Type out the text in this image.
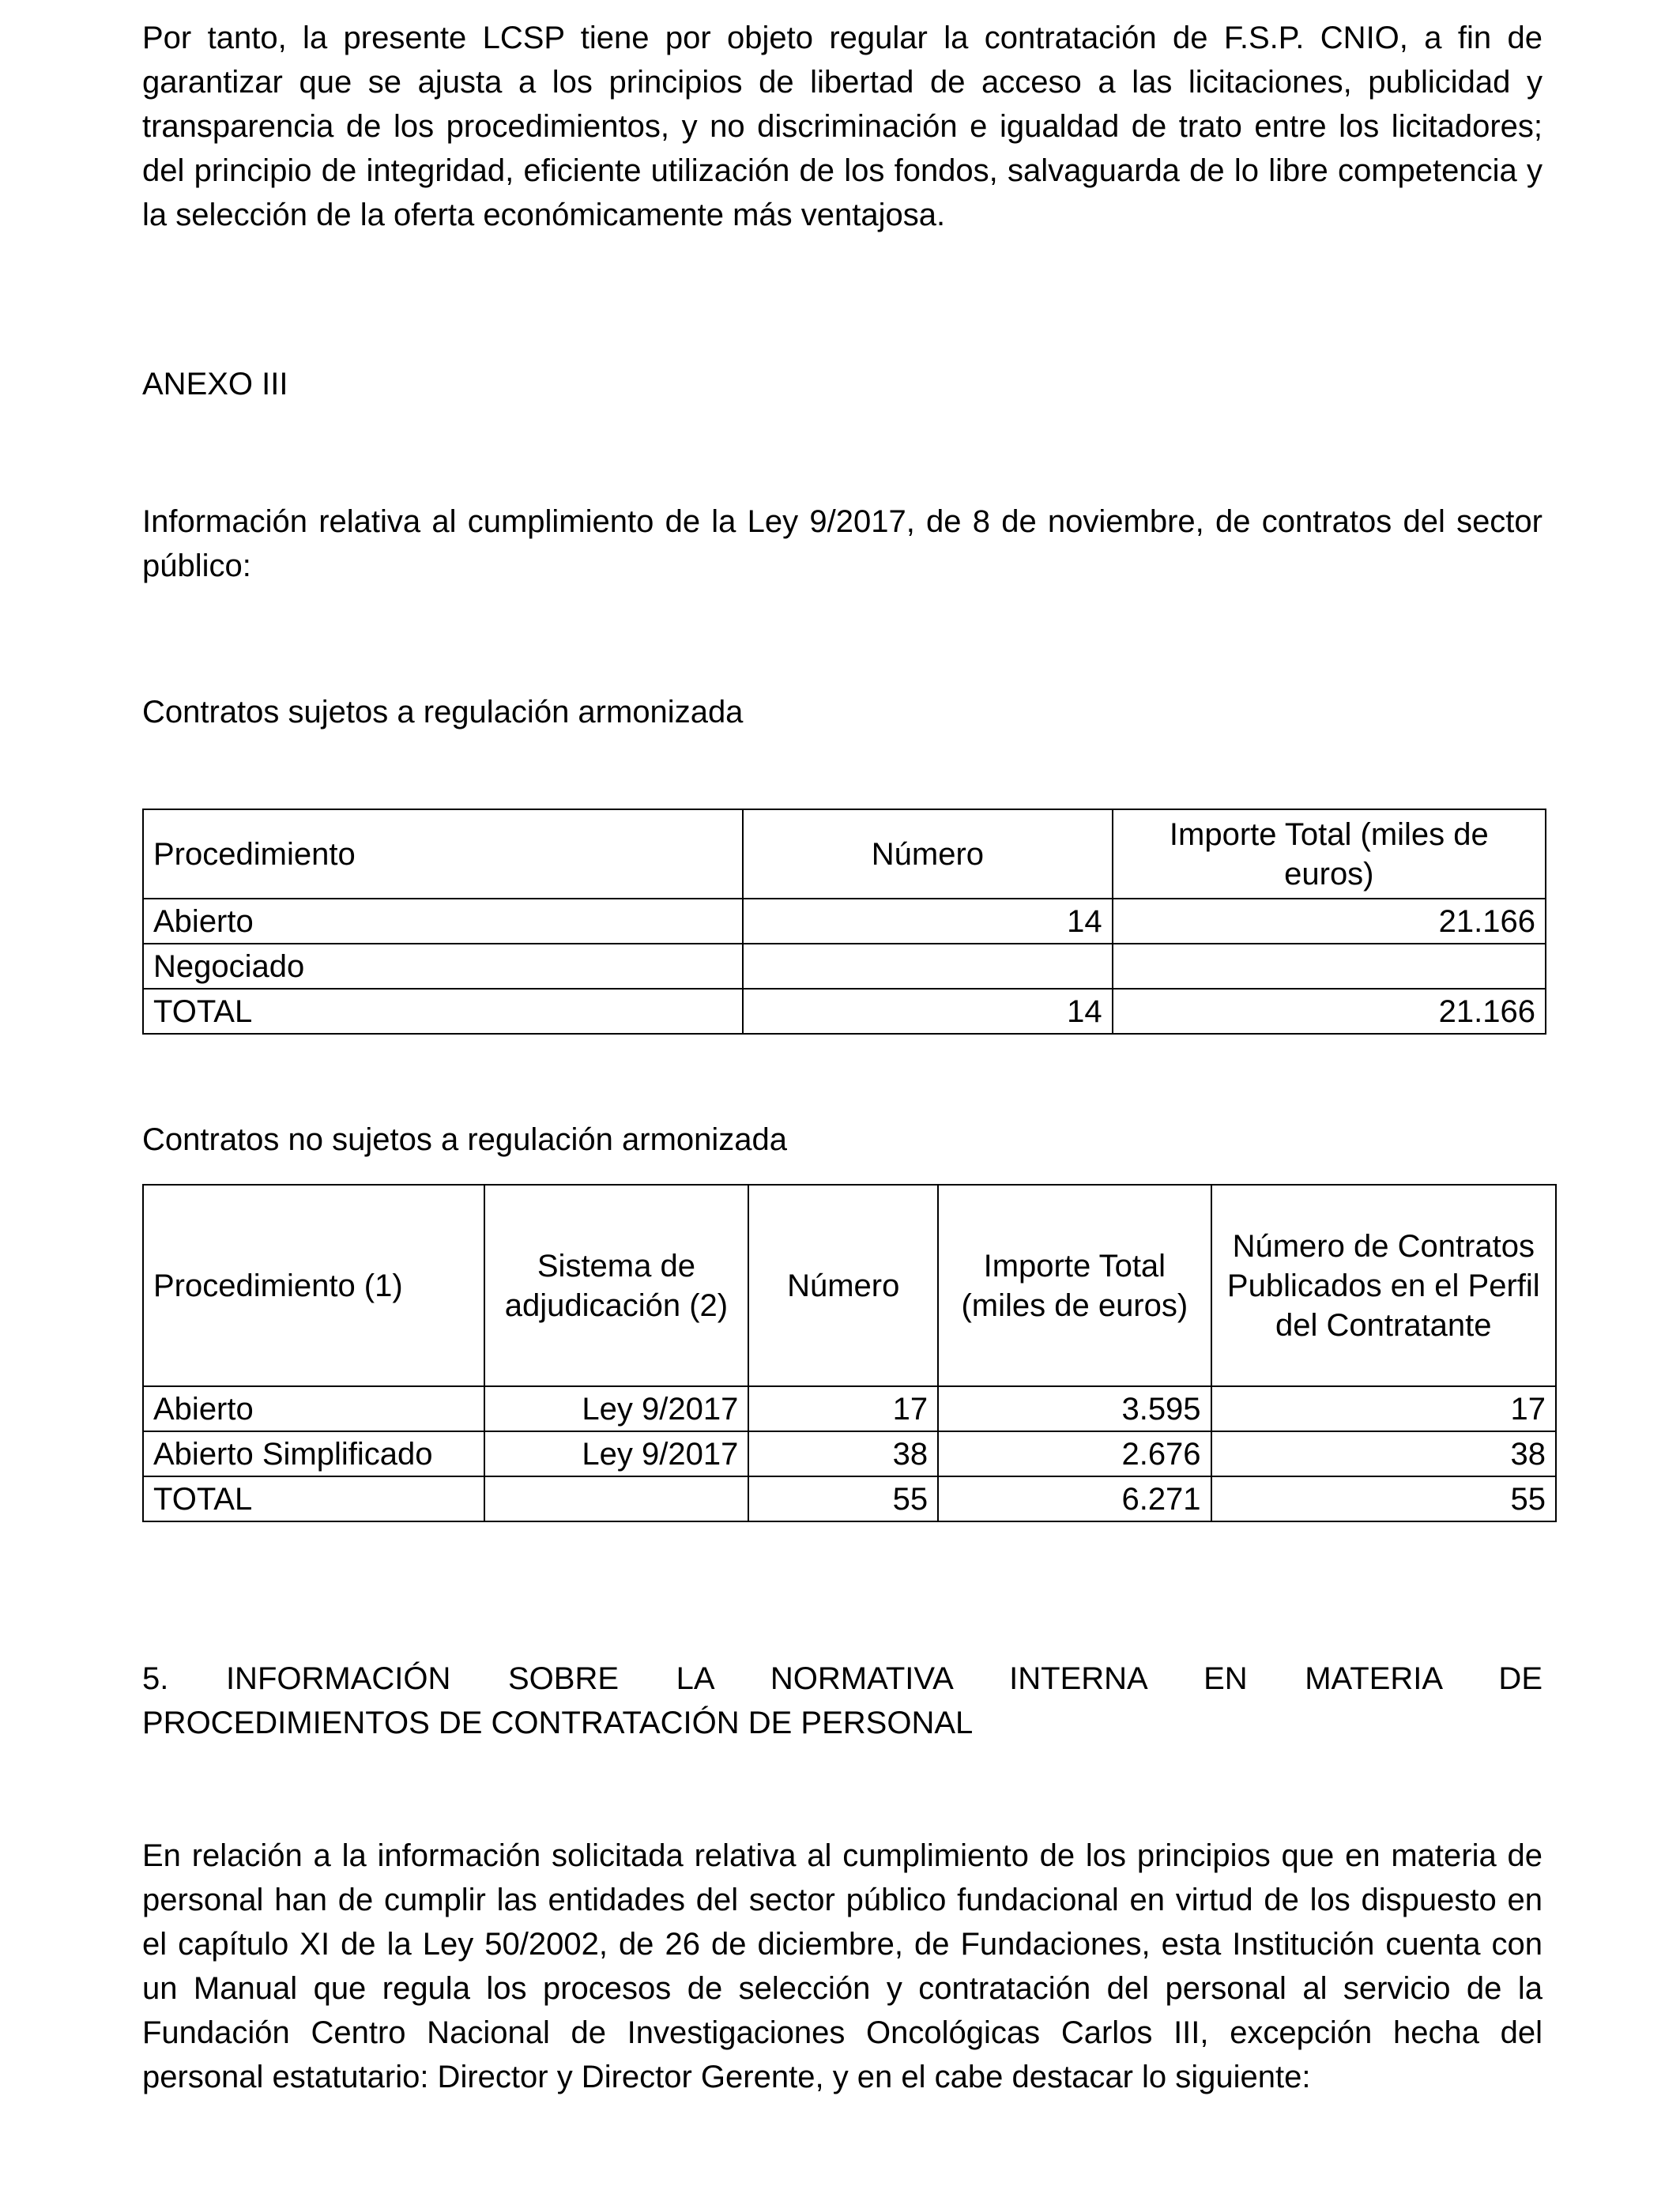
Por tanto, la presente LCSP tiene por objeto regular la contratación de F.S.P. CNIO, a fin de garantizar que se ajusta a los principios de libertad de acceso a las licitaciones, publicidad y transparencia de los procedimientos, y no discriminación e igualdad de trato entre los licitadores; del principio de integridad, eficiente utilización de los fondos, salvaguarda de lo libre competencia y la selección de la oferta económicamente más ventajosa.

ANEXO III

Información relativa al cumplimiento de la Ley 9/2017, de 8 de noviembre, de contratos del sector público:

Contratos sujetos a regulación armonizada

Procedimiento	Número	Importe Total (miles de euros)
Abierto	14	21.166
Negociado		
TOTAL	14	21.166

Contratos no sujetos a regulación armonizada

Procedimiento (1)	Sistema de adjudicación (2)	Número	Importe Total (miles de euros)	Número de Contratos Publicados en el Perfil del Contratante
Abierto	Ley 9/2017	17	3.595	17
Abierto Simplificado	Ley 9/2017	38	2.676	38
TOTAL		55	6.271	55

5. INFORMACIÓN SOBRE LA NORMATIVA INTERNA EN MATERIA DE

PROCEDIMIENTOS DE CONTRATACIÓN DE PERSONAL

En relación a la información solicitada relativa al cumplimiento de los principios que en materia de personal han de cumplir las entidades del sector público fundacional en virtud de los dispuesto en el capítulo XI de la Ley 50/2002, de 26 de diciembre, de Fundaciones, esta Institución cuenta con un Manual que regula los procesos de selección y contratación del personal al servicio de la Fundación Centro Nacional de Investigaciones Oncológicas Carlos III, excepción hecha del personal estatutario: Director y Director Gerente, y en el cabe destacar lo siguiente:
